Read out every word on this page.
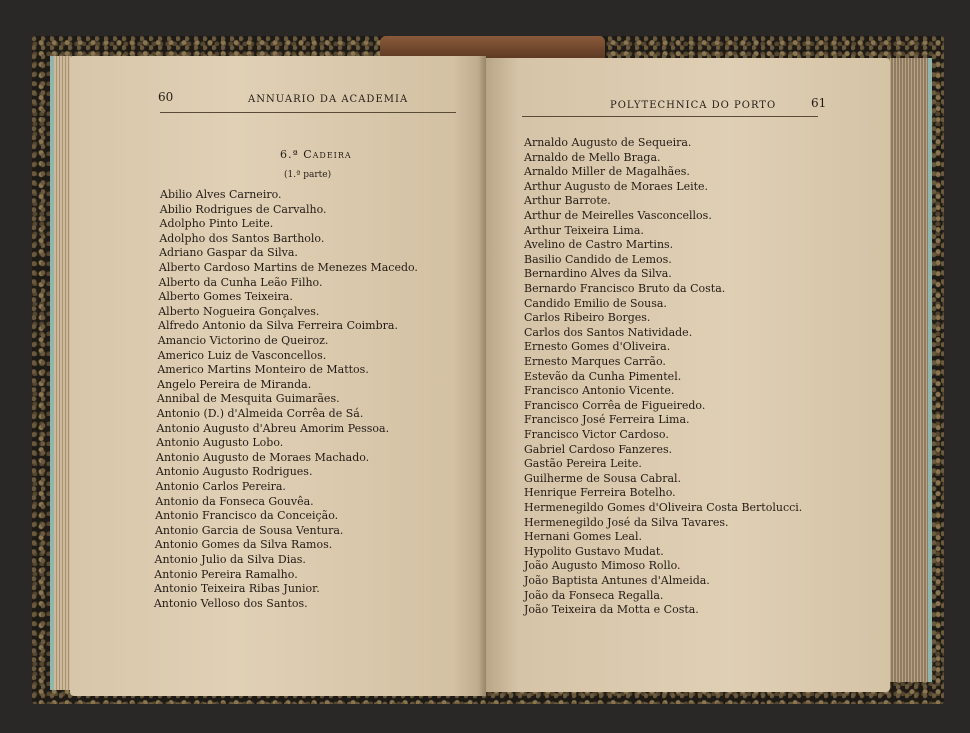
60	ANNUARIO DA ACADEMIA
6.ª Cadeira
(1.ª parte)
Abilio Alves Carneiro.
Abilio Rodrigues de Carvalho.
Adolpho Pinto Leite.
Adolpho dos Santos Bartholo.
Adriano Gaspar da Silva.
Alberto Cardoso Martins de Menezes Macedo.
Alberto da Cunha Leão Filho.
Alberto Gomes Teixeira.
Alberto Nogueira Gonçalves.
Alfredo Antonio da Silva Ferreira Coimbra.
Amancio Victorino de Queiroz.
Americo Luiz de Vasconcellos.
Americo Martins Monteiro de Mattos.
Angelo Pereira de Miranda.
Annibal de Mesquita Guimarães.
Antonio (D.) d'Almeida Corrêa de Sá.
Antonio Augusto d'Abreu Amorim Pessoa.
Antonio Augusto Lobo.
Antonio Augusto de Moraes Machado.
Antonio Augusto Rodrigues.
Antonio Carlos Pereira.
Antonio da Fonseca Gouvêa.
Antonio Francisco da Conceição.
Antonio Garcia de Sousa Ventura.
Antonio Gomes da Silva Ramos.
Antonio Julio da Silva Dias.
Antonio Pereira Ramalho.
Antonio Teixeira Ribas Junior.
Antonio Velloso dos Santos.
POLYTECHNICA DO PORTO	61
Arnaldo Augusto de Sequeira.
Arnaldo de Mello Braga.
Arnaldo Miller de Magalhães.
Arthur Augusto de Moraes Leite.
Arthur Barrote.
Arthur de Meirelles Vasconcellos.
Arthur Teixeira Lima.
Avelino de Castro Martins.
Basilio Candido de Lemos.
Bernardino Alves da Silva.
Bernardo Francisco Bruto da Costa.
Candido Emilio de Sousa.
Carlos Ribeiro Borges.
Carlos dos Santos Natividade.
Ernesto Gomes d'Oliveira.
Ernesto Marques Carrão.
Estevão da Cunha Pimentel.
Francisco Antonio Vicente.
Francisco Corrêa de Figueiredo.
Francisco José Ferreira Lima.
Francisco Victor Cardoso.
Gabriel Cardoso Fanzeres.
Gastão Pereira Leite.
Guilherme de Sousa Cabral.
Henrique Ferreira Botelho.
Hermenegildo Gomes d'Oliveira Costa Bertolucci.
Hermenegildo José da Silva Tavares.
Hernani Gomes Leal.
Hypolito Gustavo Mudat.
João Augusto Mimoso Rollo.
João Baptista Antunes d'Almeida.
João da Fonseca Regalla.
João Teixeira da Motta e Costa.
